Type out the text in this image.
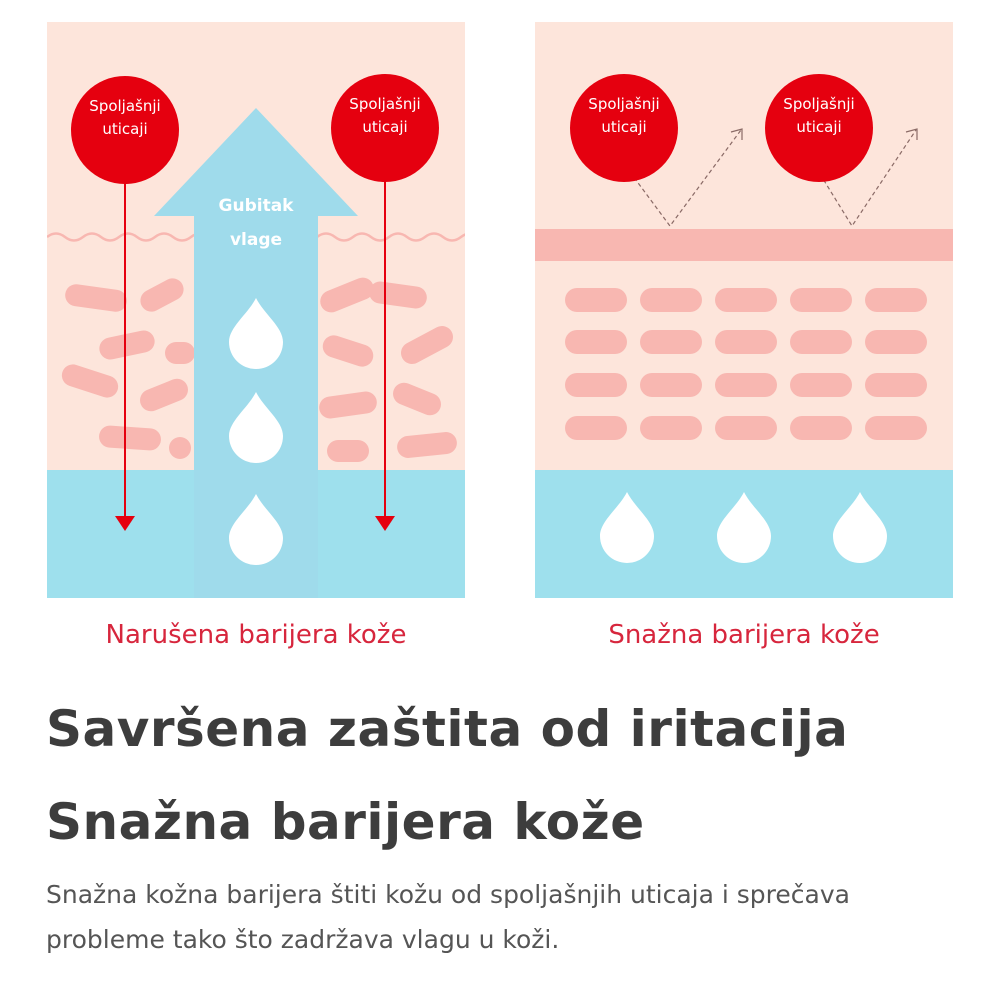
Gubitak
vlage
Spoljašnji
uticaji
Spoljašnji
uticaji
Spoljašnji
uticaji
Spoljašnji
uticaji
Narušena barijera kože	Snažna barijera kože
Savršena zaštita od iritacija
Snažna barijera kože

Snažna kožna barijera štiti kožu od spoljašnjih uticaja i sprečava probleme tako što zadržava vlagu u koži.
